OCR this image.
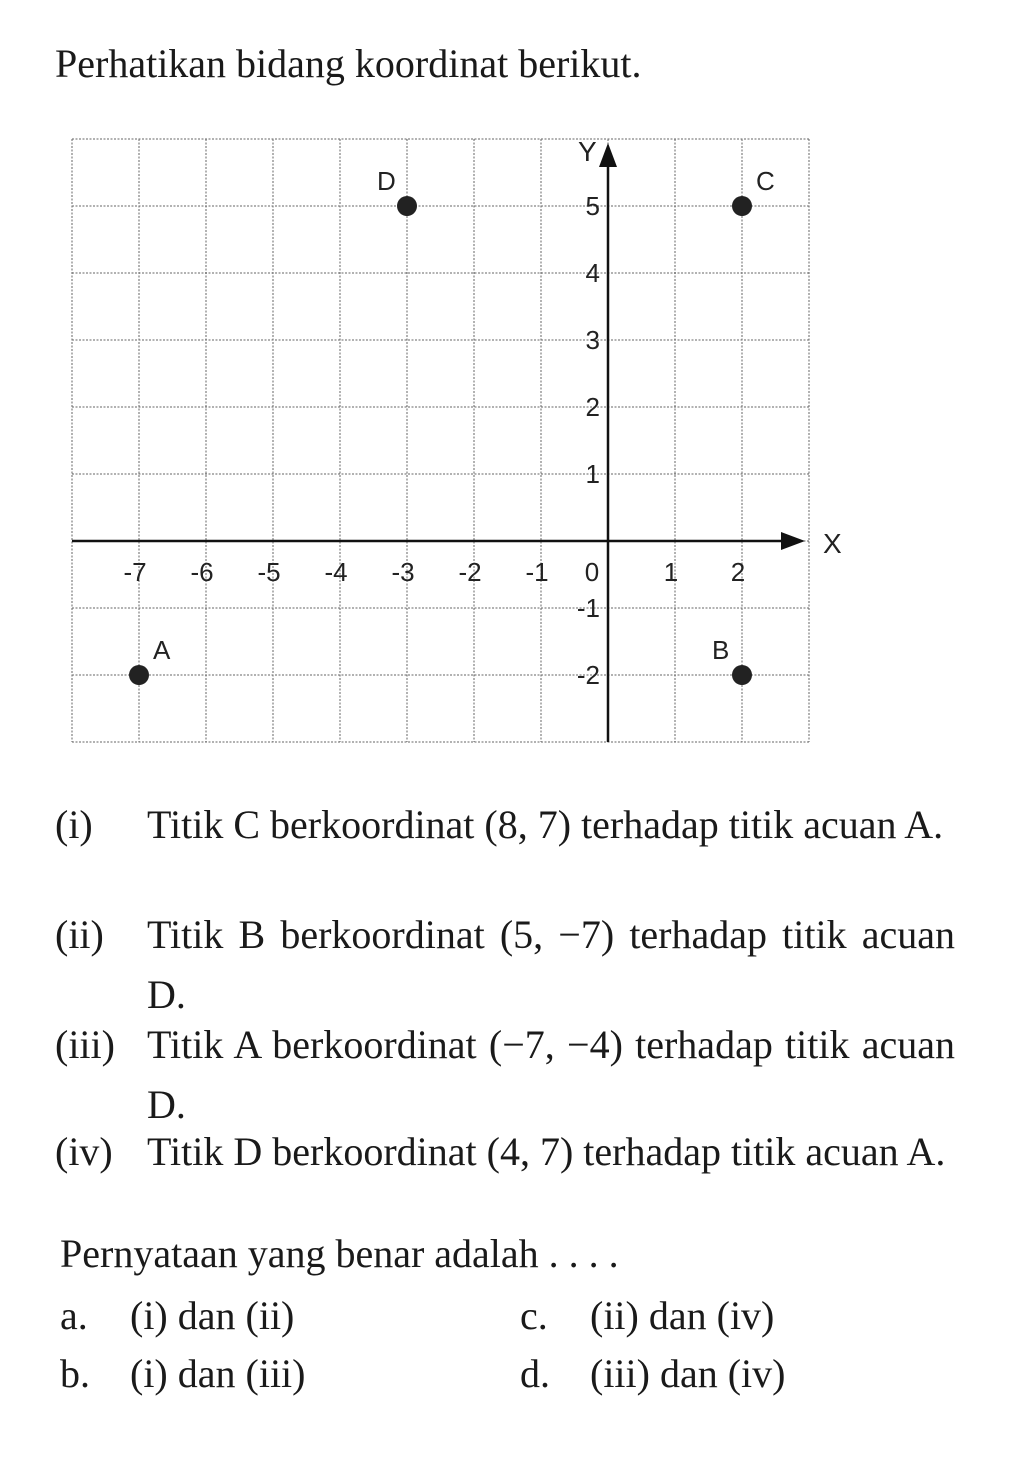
Perhatikan bidang koordinat berikut.
X
Y
-7 -6 -5 -4 -3 -2 -1 0 1 2
5
4
3
2
1
-1
-2
A	B
C
D
(i)	Titik C berkoordinat (8, 7) terhadap titik acuan A.
(ii)	Titik B berkoordinat (5, −7) terhadap titik acuan D.
(iii) Titik A berkoordinat (−7, −4) terhadap titik acuan D.
(iv) Titik D berkoordinat (4, 7) terhadap titik acuan A.
Pernyataan yang benar adalah . . . .
a. (i) dan (ii)
b. (i) dan (iii)
c. (ii) dan (iv)
d. (iii) dan (iv)
